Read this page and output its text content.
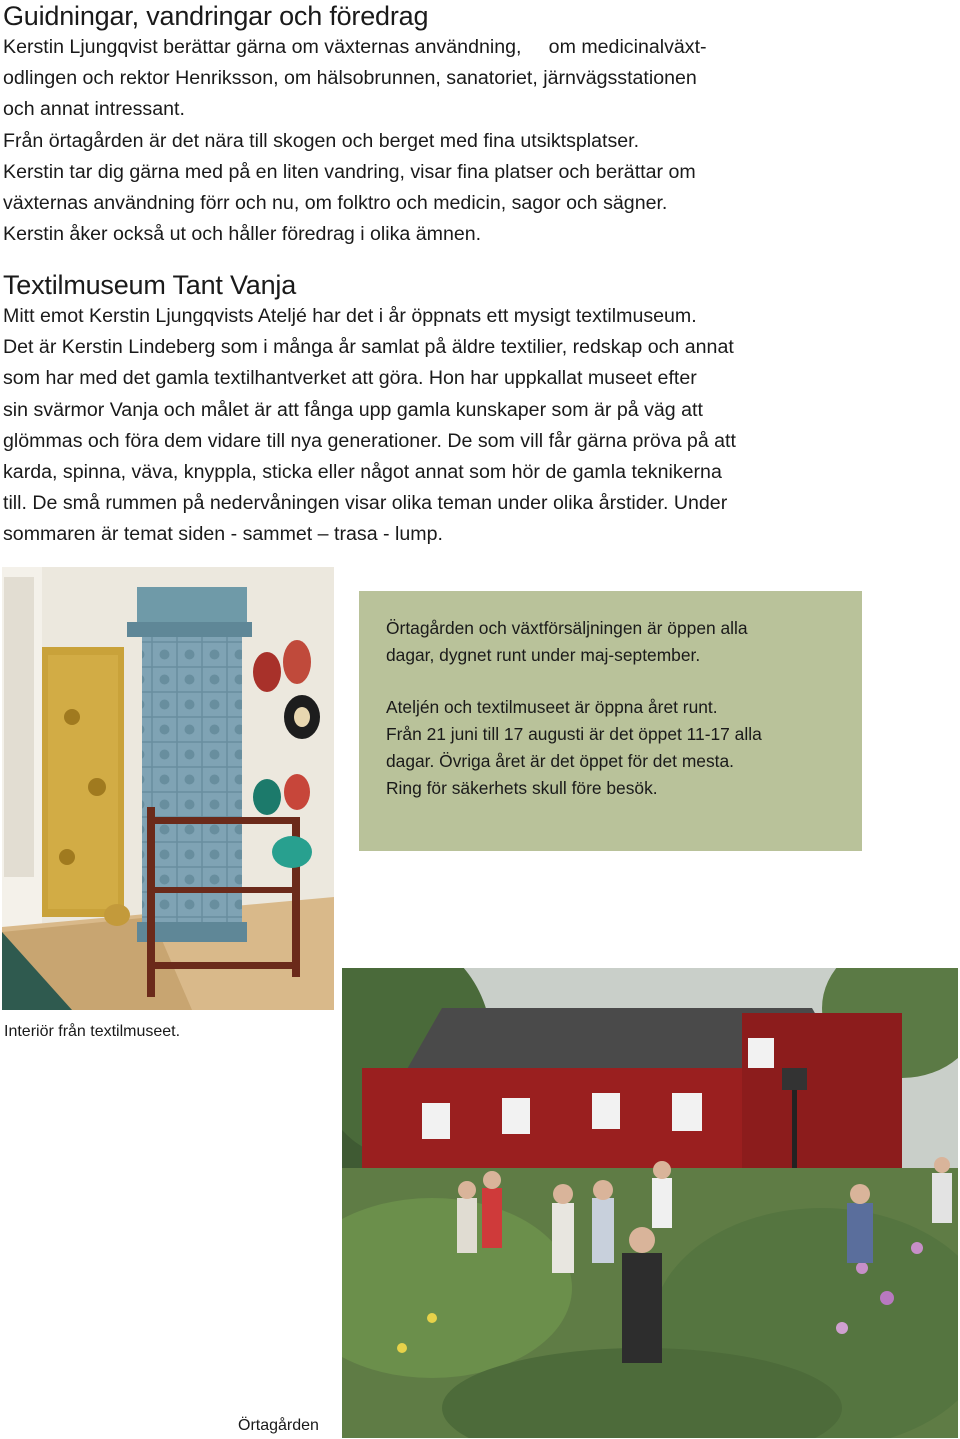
Guidningar, vandringar och föredrag
Kerstin Ljungqvist berättar gärna om växternas användning,     om medicinalväxt-
odlingen och rektor Henriksson, om hälsobrunnen, sanatoriet, järnvägsstationen
och annat intressant.
Från örtagården är det nära till skogen och berget med fina utsiktsplatser.
Kerstin tar dig gärna med på en liten vandring, visar fina platser och berättar om
växternas användning förr och nu, om folktro och medicin, sagor och sägner.
Kerstin åker också ut och håller föredrag i olika ämnen.
Textilmuseum Tant Vanja
Mitt emot Kerstin Ljungqvists Ateljé har det i år öppnats ett mysigt textilmuseum.
Det är Kerstin Lindeberg som i många år samlat på äldre textilier, redskap och annat
som har med det gamla textilhantverket att göra. Hon har uppkallat museet efter
sin svärmor Vanja och målet är att fånga upp gamla kunskaper som är på väg att
glömmas och föra dem vidare till nya generationer. De som vill får gärna pröva på att
karda, spinna, väva, knyppla, sticka eller något annat som hör de gamla teknikerna
till. De små rummen på nedervåningen visar olika teman under olika årstider. Under
sommaren är temat siden - sammet – trasa - lump.
Örtagården och växtförsäljningen är öppen alla
dagar, dygnet runt under maj-september.
Ateljén och textilmuseet är öppna året runt.
Från 21 juni till 17 augusti är det öppet 11-17 alla
dagar. Övriga året är det öppet för det mesta.
Ring för säkerhets skull före besök.

Interiör från textilmuseet.

Örtagården
